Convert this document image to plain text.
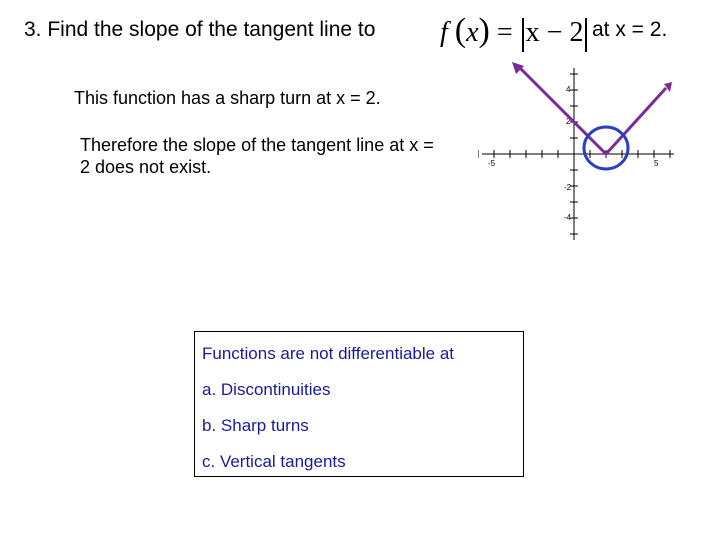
3. Find the slope of the tangent line to f (x) = x − 2 at x = 2.
This function has a sharp turn at x = 2.
Therefore the slope of the tangent line at x = 2 does not exist.	-5	5
4
2
-2
-4
Functions are not differentiable at
a. Discontinuities
b. Sharp turns
c. Vertical tangents
